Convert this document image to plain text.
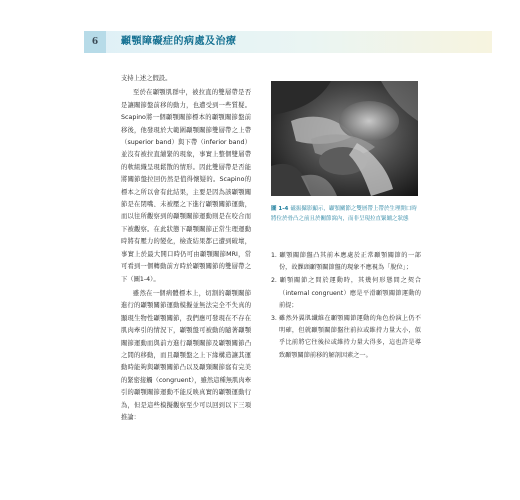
6	顳顎障礙症的病處及治療

支持上述之假設。

至於在顳顎肌群中，被拉直的雙層帶是否是讓關節盤前移的動力，也遭受到一些質疑。Scapino將一個顳顎關節標本的顳顎關節盤前移後，他發現於大範圍顳顎關節雙層帶之上帶（superior band）與下帶（inferior band）並沒有被拉直繃緊的現象，事實上整個雙層帶的軟組織呈現鬆散的情形。因此雙層帶是否能將關節盤拉回仍然是值得懷疑的。Scapino的標本之所以會有此結果，主要是因為該顳顎關節是在閉嘴、未被壓之下進行顳顎關節運動，而以往所觀察到的顳顎關節運動則是在咬合而下被觀察。在此狀態下顳顎關節正常生理運動時將有壓力的變化，檢查結果都已遭到破壞，事實上於最大開口時仍可由顳顎關節MRI，常可看到一個轉動前方時於顳顎關節的雙層帶之下（圖1-4）。

雖然在一個病體標本上，切割的顳顎關節進行的顳顎關節運動模擬並無法完全不失真的顯現生物性顳顎關節，我們應可發現在不存在肌肉牽引的情況下，顳顎盤可被動的隨著顳顎關節運動而與前方進行顳顎關節及顳顎關節凸之間的移動，而且顳顎盤之上下緣構造讓其運動時能夠與顳顎關節凸以及顳頸關節窩有完美的緊密接觸（congruent），雖然這種無肌肉牽引的顳顎關節運動不能反映真實的顳顎運動行為，但是這些模擬觀察至少可以回到以下三項推論：

圖 1-4 磁振攝影顯示，顳顎關節之雙層帶上帶於生理開口時將位於骨凸之前且於關節窩內，而非呈現拉直緊繃之狀態

1. 顳顎關節盤凸其前本應處於正常顳顎關節的一部份，故髁頭顳顎關節盤的現象不應視為「脫位」；

2. 顳顎關節之間於運動時，其幾何形態間之契合（internal congruent）應是平滑顳顎關節運動的前提；

3. 雖然外翼肌纖維在顳顎關節運動的角色扮演上仍不明確，但就顳顎關節盤往前拉或維持力量大小，似乎比前將它往後拉或維持力量大得多，這也許是導致顳顎關節前移的解剖因素之一。
